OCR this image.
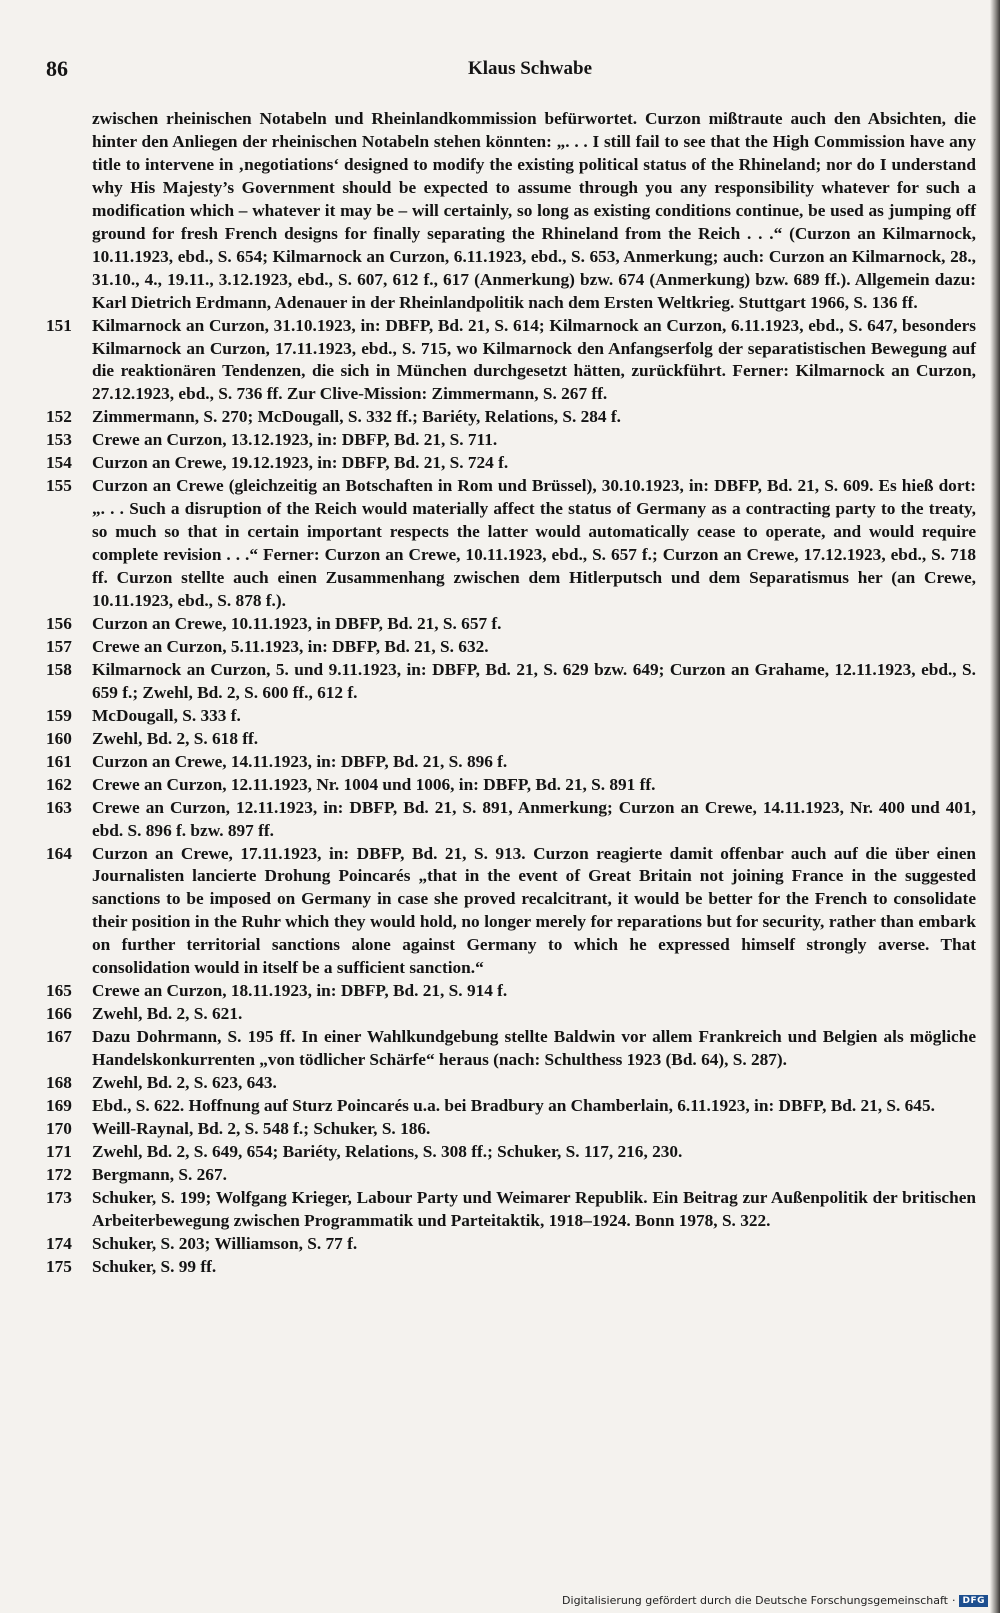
86	Klaus Schwabe
zwischen rheinischen Notabeln und Rheinlandkommission befürwortet. Curzon mißtraute auch den Absichten, die hinter den Anliegen der rheinischen Notabeln stehen könnten: „. . . I still fail to see that the High Commission have any title to intervene in ‚negotiations‘ designed to modify the existing political status of the Rhineland; nor do I understand why His Majesty’s Government should be expected to assume through you any responsibility whatever for such a modification which – whatever it may be – will certainly, so long as existing conditions continue, be used as jumping off ground for fresh French designs for finally separating the Rhineland from the Reich . . .“ (Curzon an Kilmarnock, 10.11.1923, ebd., S. 654; Kilmarnock an Curzon, 6.11.1923, ebd., S. 653, Anmerkung; auch: Curzon an Kilmarnock, 28., 31.10., 4., 19.11., 3.12.1923, ebd., S. 607, 612 f., 617 (Anmerkung) bzw. 674 (Anmerkung) bzw. 689 ff.). Allgemein dazu: Karl Dietrich Erdmann, Adenauer in der Rheinlandpolitik nach dem Ersten Weltkrieg. Stuttgart 1966, S. 136 ff.
151	Kilmarnock an Curzon, 31.10.1923, in: DBFP, Bd. 21, S. 614; Kilmarnock an Curzon, 6.11.1923, ebd., S. 647, besonders Kilmarnock an Curzon, 17.11.1923, ebd., S. 715, wo Kilmarnock den Anfangserfolg der separatistischen Bewegung auf die reaktionären Tendenzen, die sich in München durchgesetzt hätten, zurückführt. Ferner: Kilmarnock an Curzon, 27.12.1923, ebd., S. 736 ff. Zur Clive-Mission: Zimmermann, S. 267 ff.
152	Zimmermann, S. 270; McDougall, S. 332 ff.; Bariéty, Relations, S. 284 f.
153	Crewe an Curzon, 13.12.1923, in: DBFP, Bd. 21, S. 711.
154	Curzon an Crewe, 19.12.1923, in: DBFP, Bd. 21, S. 724 f.
155	Curzon an Crewe (gleichzeitig an Botschaften in Rom und Brüssel), 30.10.1923, in: DBFP, Bd. 21, S. 609. Es hieß dort: „. . . Such a disruption of the Reich would materially affect the status of Germany as a contracting party to the treaty, so much so that in certain important respects the latter would automatically cease to operate, and would require complete revision . . .“ Ferner: Curzon an Crewe, 10.11.1923, ebd., S. 657 f.; Curzon an Crewe, 17.12.1923, ebd., S. 718 ff. Curzon stellte auch einen Zusammenhang zwischen dem Hitlerputsch und dem Separatismus her (an Crewe, 10.11.1923, ebd., S. 878 f.).
156	Curzon an Crewe, 10.11.1923, in DBFP, Bd. 21, S. 657 f.
157	Crewe an Curzon, 5.11.1923, in: DBFP, Bd. 21, S. 632.
158	Kilmarnock an Curzon, 5. und 9.11.1923, in: DBFP, Bd. 21, S. 629 bzw. 649; Curzon an Grahame, 12.11.1923, ebd., S. 659 f.; Zwehl, Bd. 2, S. 600 ff., 612 f.
159	McDougall, S. 333 f.
160	Zwehl, Bd. 2, S. 618 ff.
161	Curzon an Crewe, 14.11.1923, in: DBFP, Bd. 21, S. 896 f.
162	Crewe an Curzon, 12.11.1923, Nr. 1004 und 1006, in: DBFP, Bd. 21, S. 891 ff.
163	Crewe an Curzon, 12.11.1923, in: DBFP, Bd. 21, S. 891, Anmerkung; Curzon an Crewe, 14.11.1923, Nr. 400 und 401, ebd. S. 896 f. bzw. 897 ff.
164	Curzon an Crewe, 17.11.1923, in: DBFP, Bd. 21, S. 913. Curzon reagierte damit offenbar auch auf die über einen Journalisten lancierte Drohung Poincarés „that in the event of Great Britain not joining France in the suggested sanctions to be imposed on Germany in case she proved recalcitrant, it would be better for the French to consolidate their position in the Ruhr which they would hold, no longer merely for reparations but for security, rather than embark on further territorial sanctions alone against Germany to which he expressed himself strongly averse. That consolidation would in itself be a sufficient sanction.“
165	Crewe an Curzon, 18.11.1923, in: DBFP, Bd. 21, S. 914 f.
166	Zwehl, Bd. 2, S. 621.
167	Dazu Dohrmann, S. 195 ff. In einer Wahlkundgebung stellte Baldwin vor allem Frankreich und Belgien als mögliche Handelskonkurrenten „von tödlicher Schärfe“ heraus (nach: Schulthess 1923 (Bd. 64), S. 287).
168	Zwehl, Bd. 2, S. 623, 643.
169	Ebd., S. 622. Hoffnung auf Sturz Poincarés u.a. bei Bradbury an Chamberlain, 6.11.1923, in: DBFP, Bd. 21, S. 645.
170	Weill-Raynal, Bd. 2, S. 548 f.; Schuker, S. 186.
171	Zwehl, Bd. 2, S. 649, 654; Bariéty, Relations, S. 308 ff.; Schuker, S. 117, 216, 230.
172	Bergmann, S. 267.
173	Schuker, S. 199; Wolfgang Krieger, Labour Party und Weimarer Republik. Ein Beitrag zur Außenpolitik der britischen Arbeiterbewegung zwischen Programmatik und Parteitaktik, 1918–1924. Bonn 1978, S. 322.
174	Schuker, S. 203; Williamson, S. 77 f.
175	Schuker, S. 99 ff.
Digitalisierung gefördert durch die Deutsche Forschungsgemeinschaft · DFG
